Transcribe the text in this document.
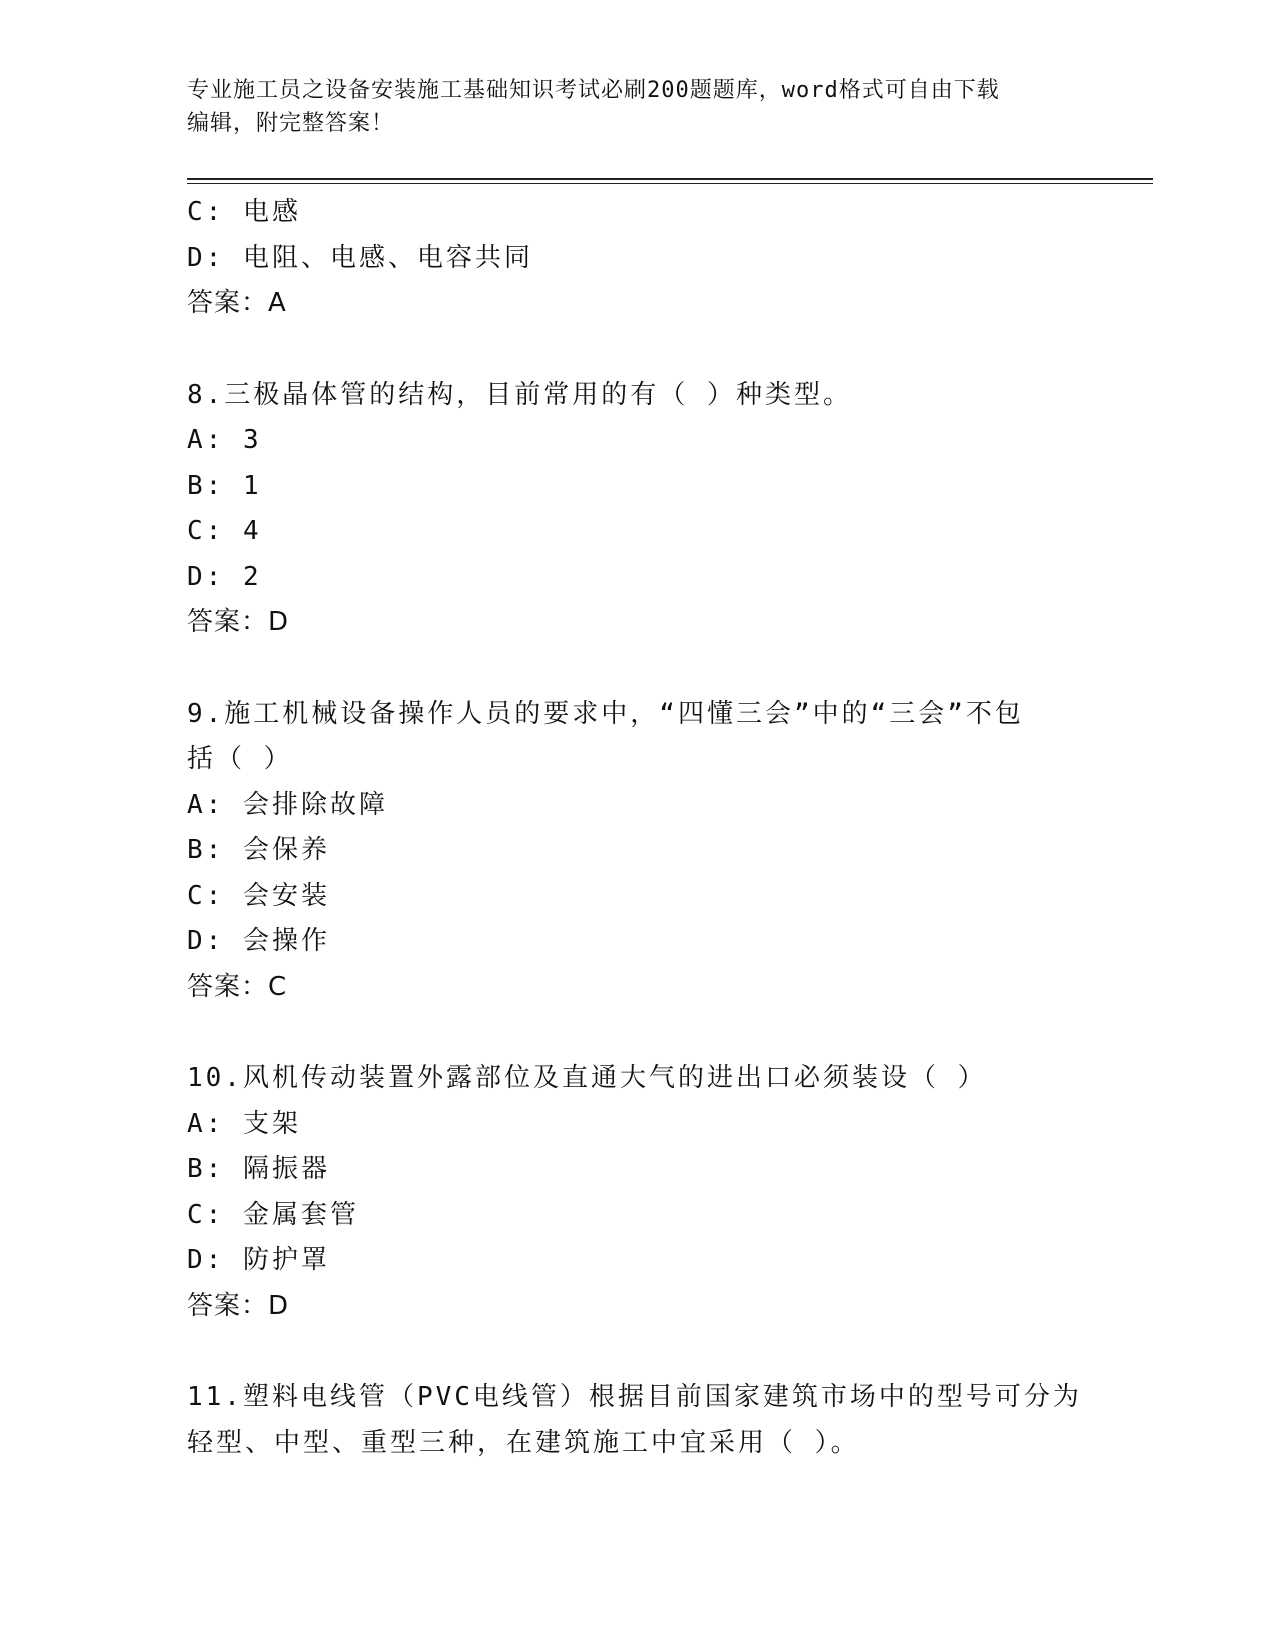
专业施工员之设备安装施工基础知识考试必刷200题题库，word格式可自由下载
编辑，附完整答案！
C: 电感
D: 电阻、电感、电容共同
答案：A
8.三极晶体管的结构，目前常用的有（ ）种类型。
A: 3
B: 1
C: 4
D: 2
答案：D
9.施工机械设备操作人员的要求中，“四懂三会”中的“三会”不包
括（ ）
A: 会排除故障
B: 会保养
C: 会安装
D: 会操作
答案：C
10.风机传动装置外露部位及直通大气的进出口必须装设（ ）
A: 支架
B: 隔振器
C: 金属套管
D: 防护罩
答案：D
11.塑料电线管（PVC电线管）根据目前国家建筑市场中的型号可分为
轻型、中型、重型三种，在建筑施工中宜采用（ ）。
